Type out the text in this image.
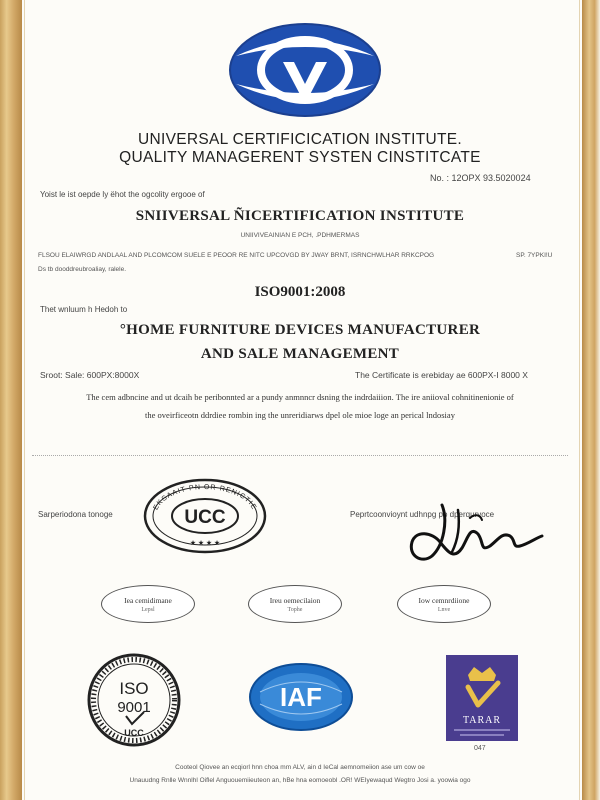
UNIVERSAL CERTIFICICATION INSTITUTE.
QUALITY MANAGERENT SYSTEN CINSTITCATE
No. : 12OPX 93.5020024
Yoist le ist oepde ly ëhot the ogcolity ergooe of
SNIIVERSAL ÑICERTIFICATION INSTITUTE
UNIIVIVEAINIAN E PCH, .PDHMERMAS
FLSOU ELAIWRGD ANDLAAL AND PLCOMCOM SUELE E PEOOR RE NITC UPCOVGD BY JWAY BRNT, ISRNCHWLHAR RRKCPOG	SP. 7YPKI!U
Ds tb dooddreubroaliay, ralele.
ISO9001:2008
Thet wnluum h Hedoh to
°HOME FURNITURE DEVICES MANUFACTURER
AND SALE MANAGEMENT
Sroot: Sale: 600PX:8000X	The Certificate is erebiday ae 600PX-I 8000 X
The cem adbncine and ut dcaih be peribonnted ar a pundy anmnncr dsning the indrdaiiion. The ire aniioval cohnitinenionie of
the oveirficeotn ddrdiee rombin ing the unreridiarws dpel ole mioe loge an perical lndosiay
Sarperiodona tonoge	Peprtcoonvioynt udhnpg po dperqurvoce
EKSAAIT PN OR RENICTIE
UCC
★ ★ ★ ★
Iea cemidimane
Lepsl
Ireu oemecilaion
Tophe
Iow cemnrdiione
Lnve
ISO
9001
UCC
IAF
TARAR
047
Cooteol Qiovee an ecqiorl hnn choa mm ALV, ain d IeCal aemnomeiion ase um cow oe
Unauudng Rnlle Wnnlhl Oiflel Anguouemiieuteon an, hBe hna eomoeobl .OR! WEIyewaqud Wegtro Josi a. yoowia ogo
